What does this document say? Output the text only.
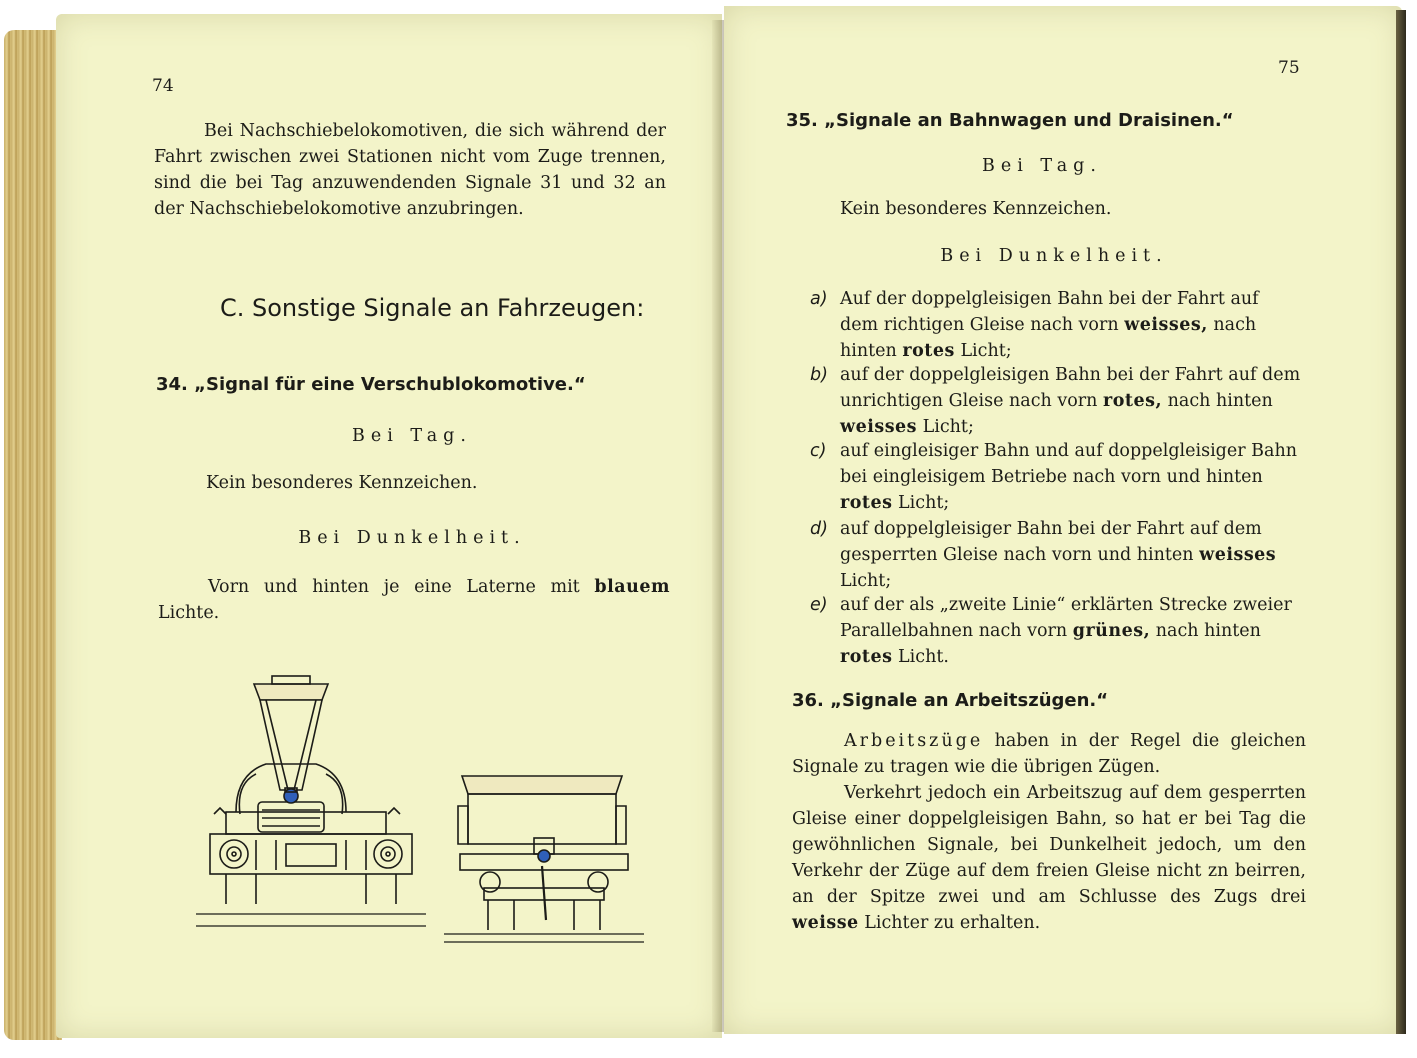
74
Bei Nachschiebelokomotiven, die sich während der Fahrt zwischen zwei Stationen nicht vom Zuge trennen, sind die bei Tag anzuwendenden Signale 31 und 32 an der Nachschiebelokomotive anzubringen.
C. Sonstige Signale an Fahrzeugen:
34. „Signal für eine Verschublokomotive.“
Bei Tag.
Kein besonderes Kennzeichen.
Bei Dunkelheit.
Vorn und hinten je eine Laterne mit blauem Lichte.
75
35. „Signale an Bahnwagen und Draisinen.“
Bei Tag.
Kein besonderes Kennzeichen.
Bei Dunkelheit.
a) Auf der doppelgleisigen Bahn bei der Fahrt auf dem richtigen Gleise nach vorn weisses, nach hinten rotes Licht;
b) auf der doppelgleisigen Bahn bei der Fahrt auf dem unrichtigen Gleise nach vorn rotes, nach hinten weisses Licht;
c) auf eingleisiger Bahn und auf doppelgleisiger Bahn bei eingleisigem Betriebe nach vorn und hinten rotes Licht;
d) auf doppelgleisiger Bahn bei der Fahrt auf dem gesperrten Gleise nach vorn und hinten weisses Licht;
e) auf der als „zweite Linie“ erklärten Strecke zweier Parallelbahnen nach vorn grünes, nach hinten rotes Licht.
36. „Signale an Arbeitszügen.“
Arbeitszüge haben in der Regel die gleichen Signale zu tragen wie die übrigen Zügen.
Verkehrt jedoch ein Arbeitszug auf dem gesperrten Gleise einer doppelgleisigen Bahn, so hat er bei Tag die gewöhnlichen Signale, bei Dunkelheit jedoch, um den Verkehr der Züge auf dem freien Gleise nicht zn beirren, an der Spitze zwei und am Schlusse des Zugs drei weisse Lichter zu erhalten.
